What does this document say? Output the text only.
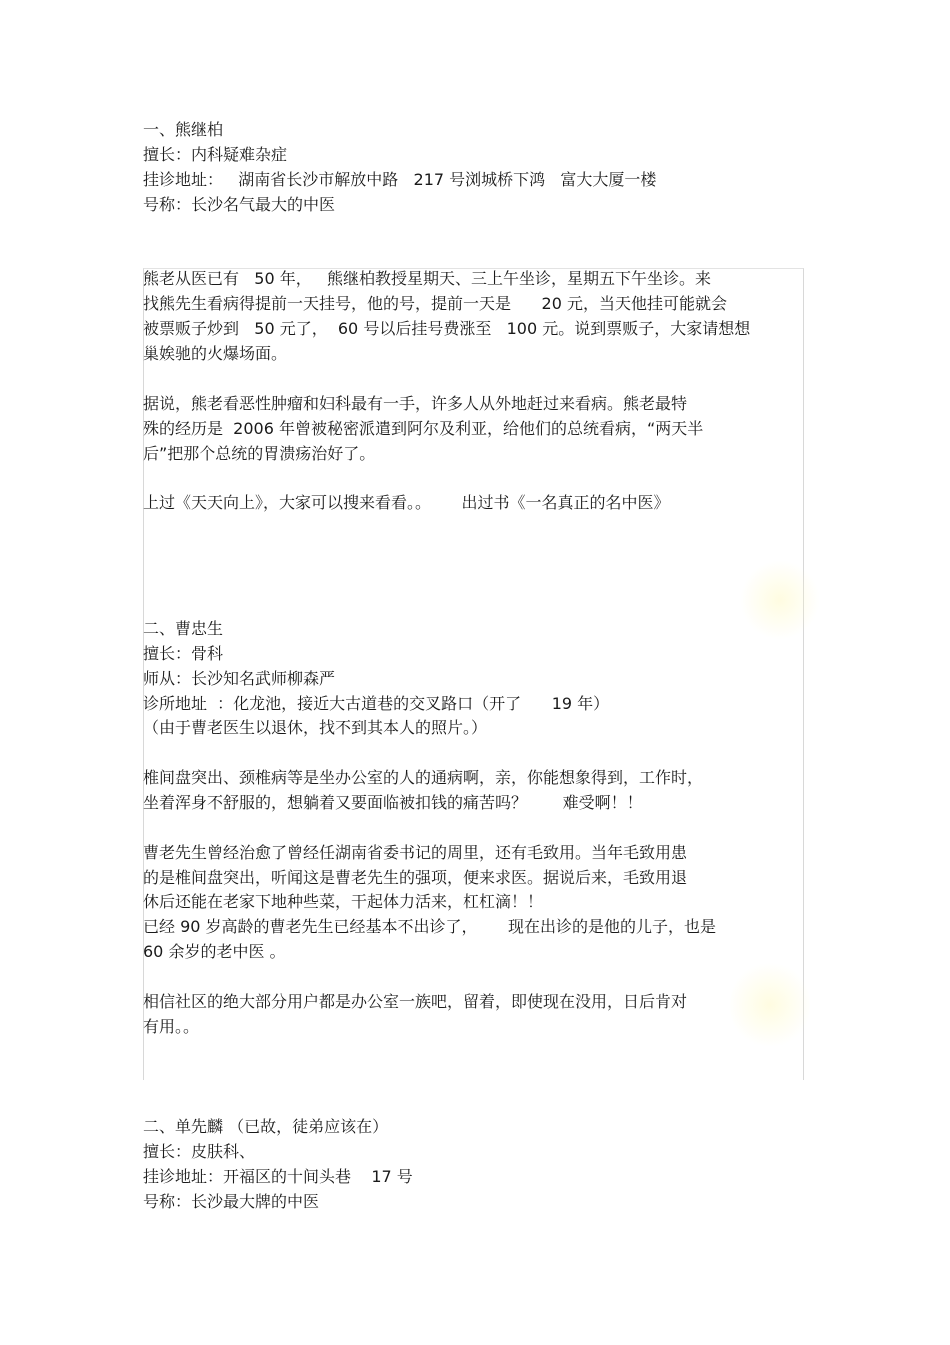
一、熊继柏
擅长：内科疑难杂症
挂诊地址：   湖南省长沙市解放中路   217 号浏城桥下鸿   富大大厦一楼
号称：长沙名气最大的中医
熊老从医已有   50 年，   熊继柏教授星期天、三上午坐诊，星期五下午坐诊。来
找熊先生看病得提前一天挂号，他的号，提前一天是      20 元，当天他挂可能就会
被票贩子炒到   50 元了，  60 号以后挂号费涨至   100 元。说到票贩子，大家请想想
巢娭驰的火爆场面。
据说，熊老看恶性肿瘤和妇科最有一手，许多人从外地赶过来看病。熊老最特
殊的经历是  2006 年曾被秘密派遣到阿尔及利亚，给他们的总统看病，“两天半
后”把那个总统的胃溃疡治好了。
上过《天天向上》，大家可以搜来看看。。      出过书《一名真正的名中医》
二、曹忠生
擅长：骨科
师从：长沙知名武师柳森严
诊所地址  ：化龙池，接近大古道巷的交叉路口（开了      19 年）
（由于曹老医生以退休，找不到其本人的照片。）
椎间盘突出、颈椎病等是坐办公室的人的通病啊，亲，你能想象得到，工作时，
坐着浑身不舒服的，想躺着又要面临被扣钱的痛苦吗？       难受啊！！
曹老先生曾经治愈了曾经任湖南省委书记的周里，还有毛致用。当年毛致用患
的是椎间盘突出，听闻这是曹老先生的强项，便来求医。据说后来，毛致用退
休后还能在老家下地种些菜，干起体力活来，杠杠滴！！
已经 90 岁高龄的曹老先生已经基本不出诊了，      现在出诊的是他的儿子，也是
60 余岁的老中医 。
相信社区的绝大部分用户都是办公室一族吧，留着，即使现在没用，日后肯对
有用。。
二、单先麟 （已故，徒弟应该在）
擅长：皮肤科、
挂诊地址：开福区的十间头巷    17 号
号称：长沙最大牌的中医
